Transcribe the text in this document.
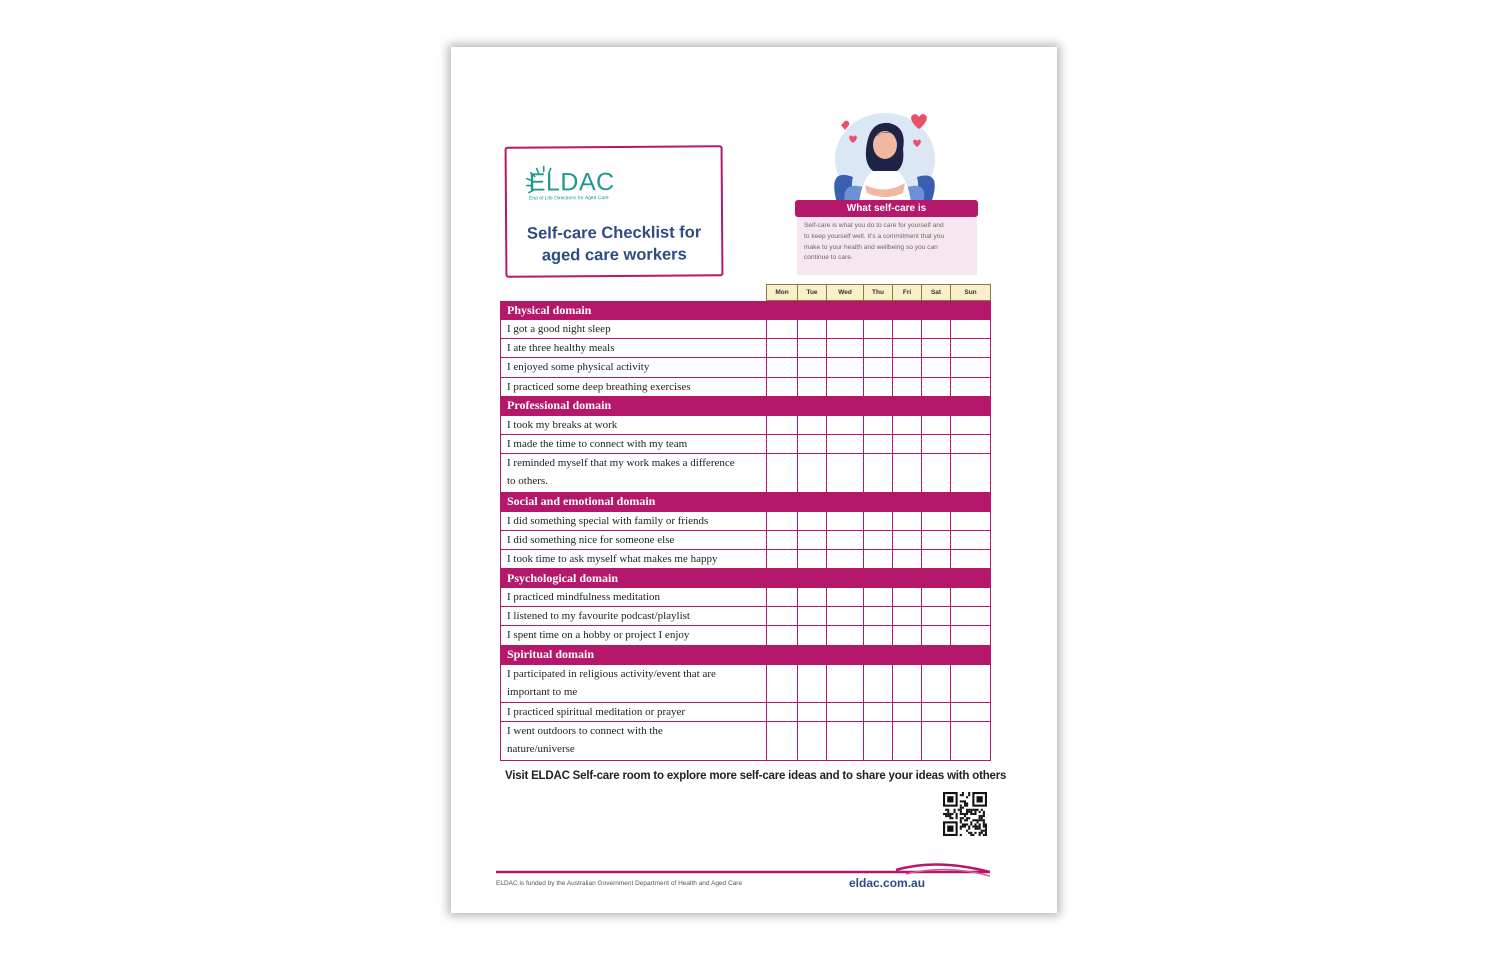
ELDAC
End of Life Directions for Aged Care
Self-care Checklist for
aged care workers
What self-care is
Self-care is what you do to care for yourself and
to keep yourself well. It's a commitment that you
make to your health and wellbeing so you can
continue to care.
	Mon	Tue	Wed	Thu	Fri	Sat	Sun
Physical domain							

I got a good night sleep							

I ate three healthy meals							

I enjoyed some physical activity							

I practiced some deep breathing exercises							

Professional domain							

I took my breaks at work							

I made the time to connect with my team							

I reminded myself that my work makes a difference
to others.							

Social and emotional domain							

I did something special with family or friends							

I did something nice for someone else							

I took time to ask myself what makes me happy							

Psychological domain							

I practiced mindfulness meditation							

I listened to my favourite podcast/playlist							

I spent time on a hobby or project I enjoy							

Spiritual domain							

I participated in religious activity/event that are
important to me							

I practiced spiritual meditation or prayer							

I went outdoors to connect with the
nature/universe							

Visit ELDAC Self-care room to explore more self-care ideas and to share your ideas with others
ELDAC is funded by the Australian Government Department of Health and Aged Care	eldac.com.au
